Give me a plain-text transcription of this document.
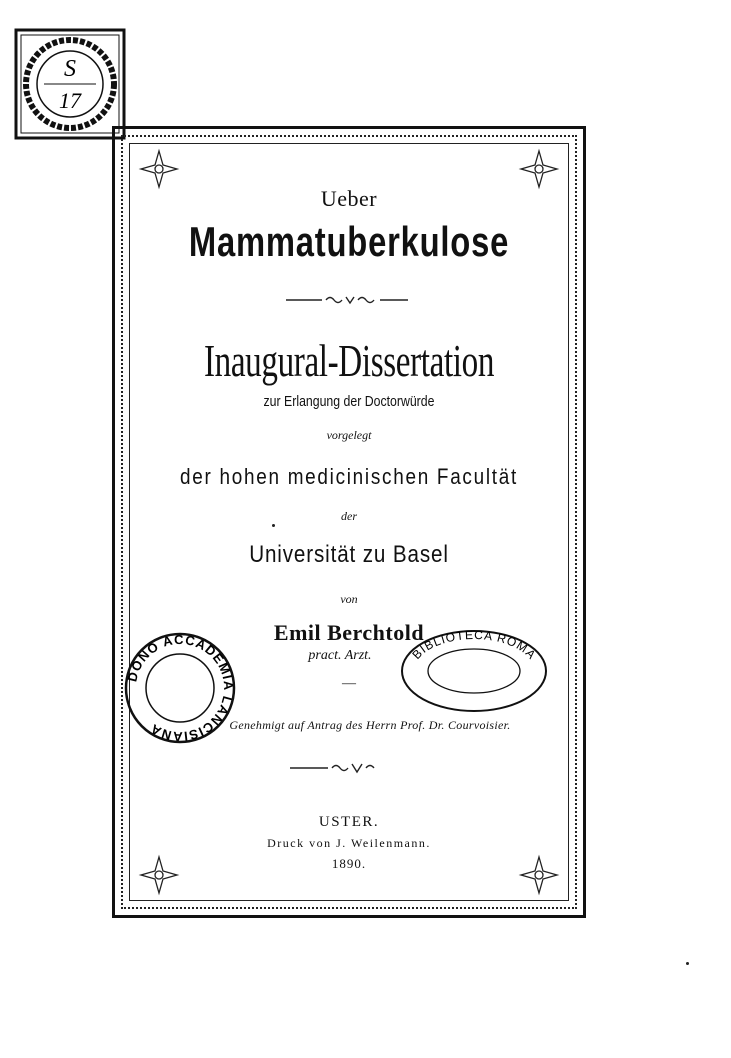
S
17
Ueber
Mammatuberkulose
Inaugural-Dissertation
zur Erlangung der Doctorwürde
vorgelegt
der hohen medicinischen Facultät
der
Universität zu Basel
von
Emil Berchtold
pract. Arzt.
—
Genehmigt auf Antrag des Herrn Prof. Dr. Courvoisier.
USTER.
Druck von J. Weilenmann.
1890.
DONO ACCADEMIA LANCISIANA
BIBLIOTECA ROMA
